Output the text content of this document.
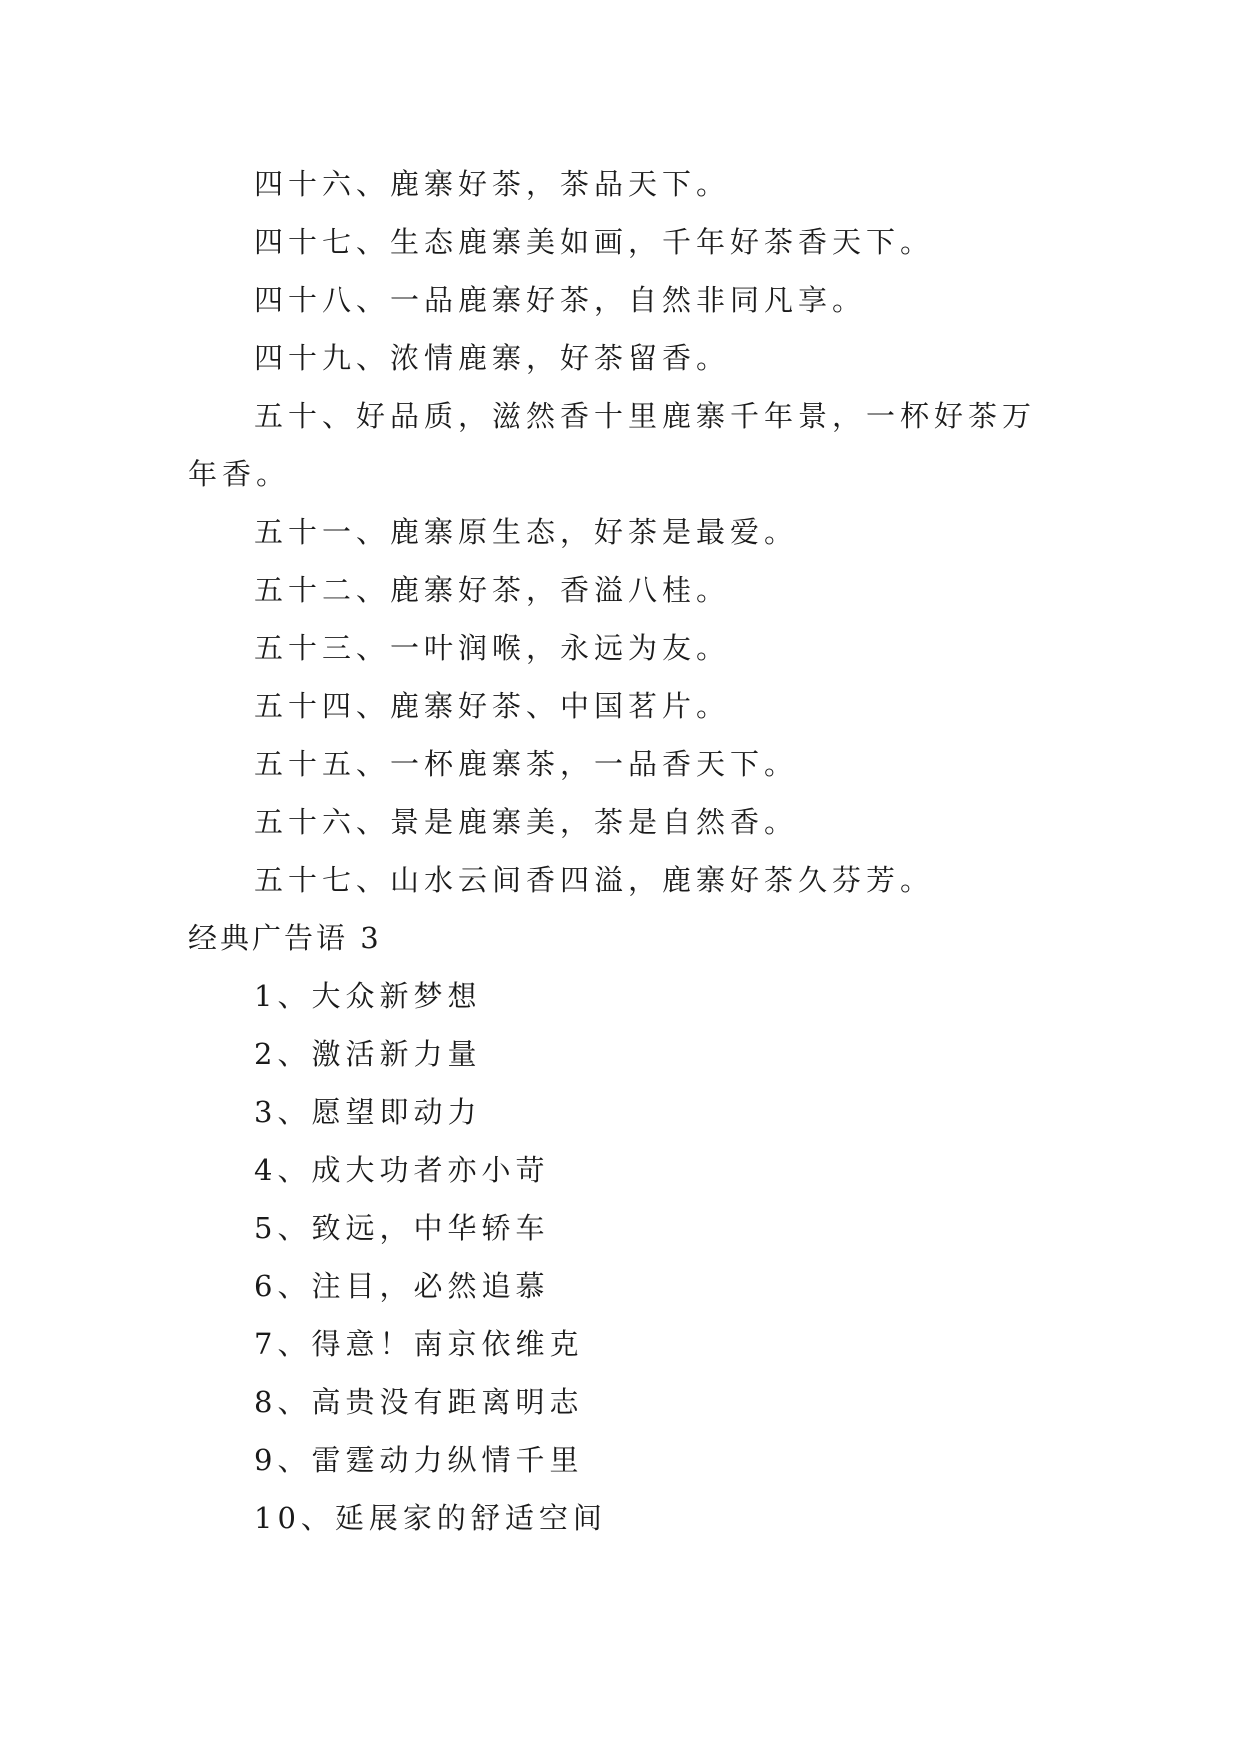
四十六、鹿寨好茶，茶品天下。
四十七、生态鹿寨美如画，千年好茶香天下。
四十八、一品鹿寨好茶，自然非同凡享。
四十九、浓情鹿寨，好茶留香。
五十、好品质，滋然香十里鹿寨千年景，一杯好茶万年香。
五十一、鹿寨原生态，好茶是最爱。
五十二、鹿寨好茶，香溢八桂。
五十三、一叶润喉，永远为友。
五十四、鹿寨好茶、中国茗片。
五十五、一杯鹿寨茶，一品香天下。
五十六、景是鹿寨美，茶是自然香。
五十七、山水云间香四溢，鹿寨好茶久芬芳。
经典广告语 3
1、大众新梦想
2、激活新力量
3、愿望即动力
4、成大功者亦小苛
5、致远，中华轿车
6、注目，必然追慕
7、得意！南京依维克
8、高贵没有距离明志
9、雷霆动力纵情千里
10、延展家的舒适空间
